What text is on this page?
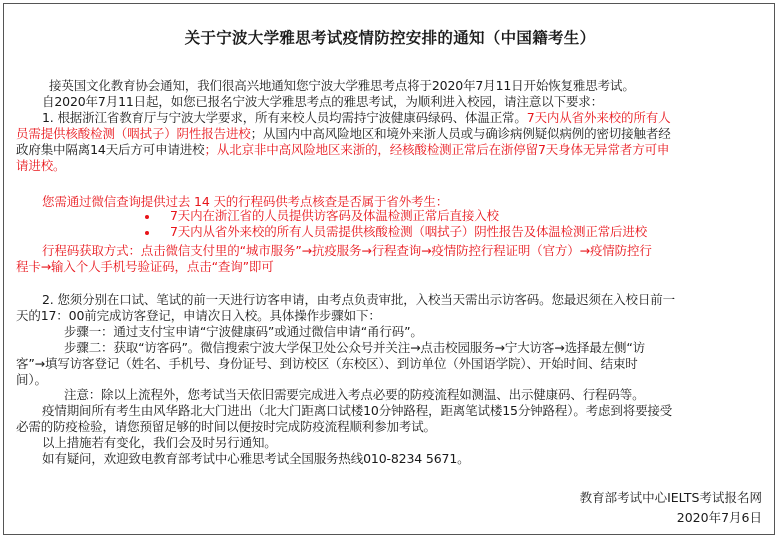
关于宁波大学雅思考试疫情防控安排的通知（中国籍考生）
接英国文化教育协会通知，我们很高兴地通知您宁波大学雅思考点将于2020年7月11日开始恢复雅思考试。
自2020年7月11日起，如您已报名宁波大学雅思考点的雅思考试，为顺利进入校园，请注意以下要求：
1. 根据浙江省教育厅与宁波大学要求，所有来校人员均需持宁波健康码绿码、体温正常。7天内从省外来校的所有人
员需提供核酸检测（咽拭子）阴性报告进校；从国内中高风险地区和境外来浙人员或与确诊病例疑似病例的密切接触者经
政府集中隔离14天后方可申请进校；从北京非中高风险地区来浙的，经核酸检测正常后在浙停留7天身体无异常者方可申
请进校。
您需通过微信查询提供过去 14 天的行程码供考点核查是否属于省外考生：
7天内在浙江省的人员提供访客码及体温检测正常后直接入校
7天内从省外来校的所有人员需提供核酸检测（咽拭子）阴性报告及体温检测正常后进校
行程码获取方式：点击微信支付里的“城市服务”→抗疫服务→行程查询→疫情防控行程证明（官方）→疫情防控行
程卡→输入个人手机号验证码，点击“查询”即可
2. 您须分别在口试、笔试的前一天进行访客申请，由考点负责审批，入校当天需出示访客码。您最迟须在入校日前一
天的17：00前完成访客登记，申请次日入校。具体操作步骤如下：
步骤一：通过支付宝申请“宁波健康码”或通过微信申请“甬行码”。
步骤二：获取“访客码”。微信搜索宁波大学保卫处公众号并关注→点击校园服务→宁大访客→选择最左侧“访
客”→填写访客登记（姓名、手机号、身份证号、到访校区（东校区）、到访单位（外国语学院）、开始时间、结束时
间）。
注意：除以上流程外，您考试当天依旧需要完成进入考点必要的防疫流程如测温、出示健康码、行程码等。
疫情期间所有考生由风华路北大门进出（北大门距离口试楼10分钟路程，距离笔试楼15分钟路程）。考虑到将要接受
必需的防疫检验，请您预留足够的时间以便按时完成防疫流程顺利参加考试。
以上措施若有变化，我们会及时另行通知。
如有疑问，欢迎致电教育部考试中心雅思考试全国服务热线010-8234 5671。
教育部考试中心IELTS考试报名网
2020年7月6日
